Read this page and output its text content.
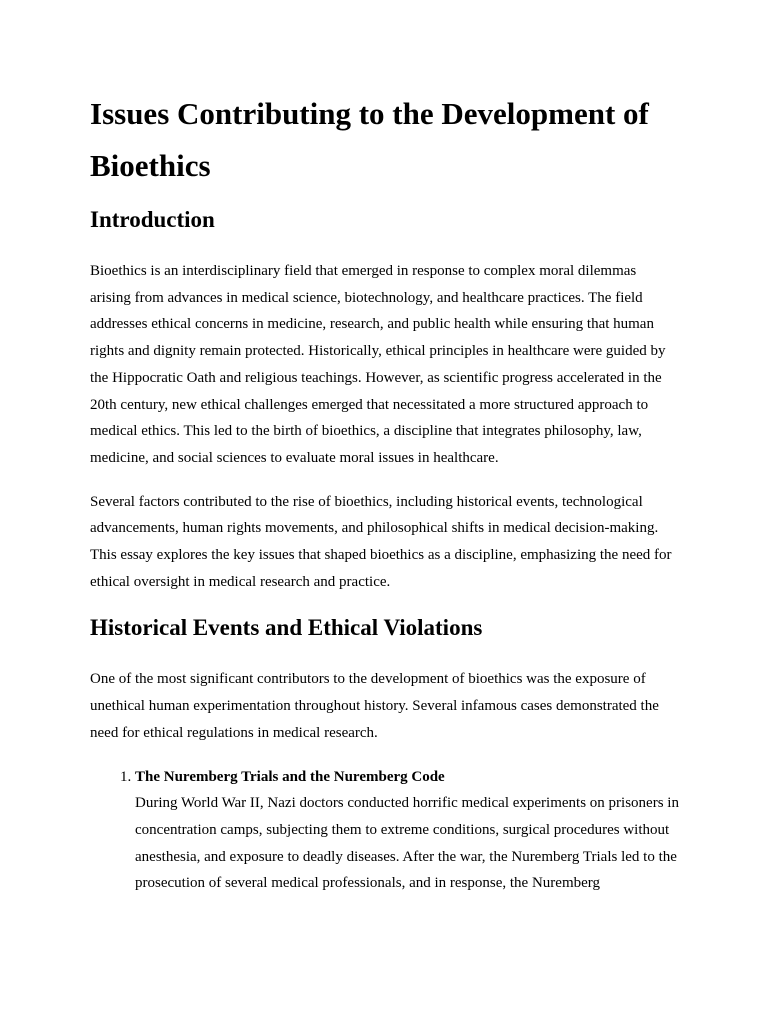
Issues Contributing to the Development of Bioethics
Introduction

Bioethics is an interdisciplinary field that emerged in response to complex moral dilemmas arising from advances in medical science, biotechnology, and healthcare practices. The field addresses ethical concerns in medicine, research, and public health while ensuring that human rights and dignity remain protected. Historically, ethical principles in healthcare were guided by the Hippocratic Oath and religious teachings. However, as scientific progress accelerated in the 20th century, new ethical challenges emerged that necessitated a more structured approach to medical ethics. This led to the birth of bioethics, a discipline that integrates philosophy, law, medicine, and social sciences to evaluate moral issues in healthcare.

Several factors contributed to the rise of bioethics, including historical events, technological advancements, human rights movements, and philosophical shifts in medical decision-making. This essay explores the key issues that shaped bioethics as a discipline, emphasizing the need for ethical oversight in medical research and practice.

Historical Events and Ethical Violations

One of the most significant contributors to the development of bioethics was the exposure of unethical human experimentation throughout history. Several infamous cases demonstrated the need for ethical regulations in medical research.

1. The Nuremberg Trials and the Nuremberg Code
During World War II, Nazi doctors conducted horrific medical experiments on prisoners in concentration camps, subjecting them to extreme conditions, surgical procedures without anesthesia, and exposure to deadly diseases. After the war, the Nuremberg Trials led to the prosecution of several medical professionals, and in response, the Nuremberg
